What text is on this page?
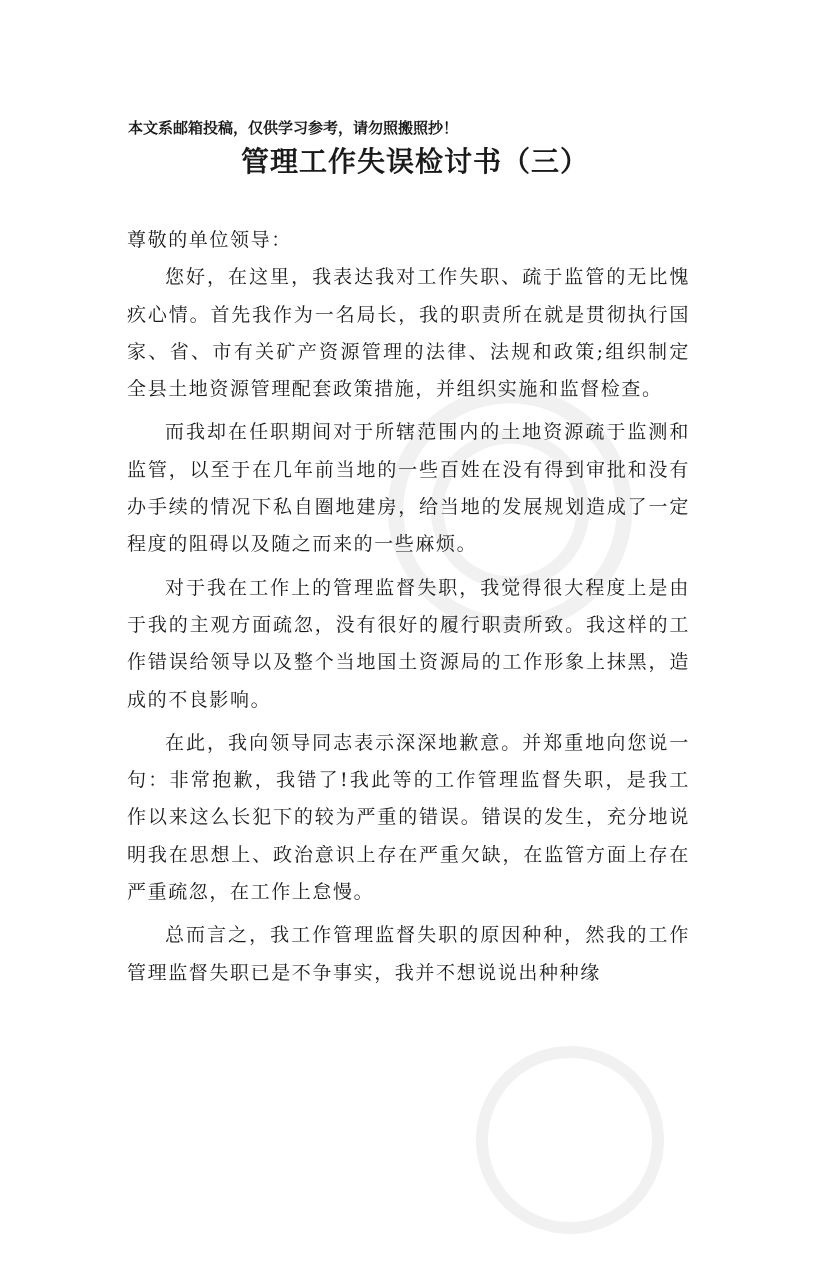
本文系邮箱投稿，仅供学习参考，请勿照搬照抄！
管理工作失误检讨书（三）

尊敬的单位领导：

您好，在这里，我表达我对工作失职、疏于监管的无比愧疚心情。首先我作为一名局长，我的职责所在就是贯彻执行国家、省、市有关矿产资源管理的法律、法规和政策;组织制定全县土地资源管理配套政策措施，并组织实施和监督检查。

而我却在任职期间对于所辖范围内的土地资源疏于监测和监管，以至于在几年前当地的一些百姓在没有得到审批和没有办手续的情况下私自圈地建房，给当地的发展规划造成了一定程度的阻碍以及随之而来的一些麻烦。

对于我在工作上的管理监督失职，我觉得很大程度上是由于我的主观方面疏忽，没有很好的履行职责所致。我这样的工作错误给领导以及整个当地国土资源局的工作形象上抹黑，造成的不良影响。

在此，我向领导同志表示深深地歉意。并郑重地向您说一句：非常抱歉，我错了!我此等的工作管理监督失职，是我工作以来这么长犯下的较为严重的错误。错误的发生，充分地说明我在思想上、政治意识上存在严重欠缺，在监管方面上存在严重疏忽，在工作上怠慢。

总而言之，我工作管理监督失职的原因种种，然我的工作管理监督失职已是不争事实，我并不想说说出种种缘
